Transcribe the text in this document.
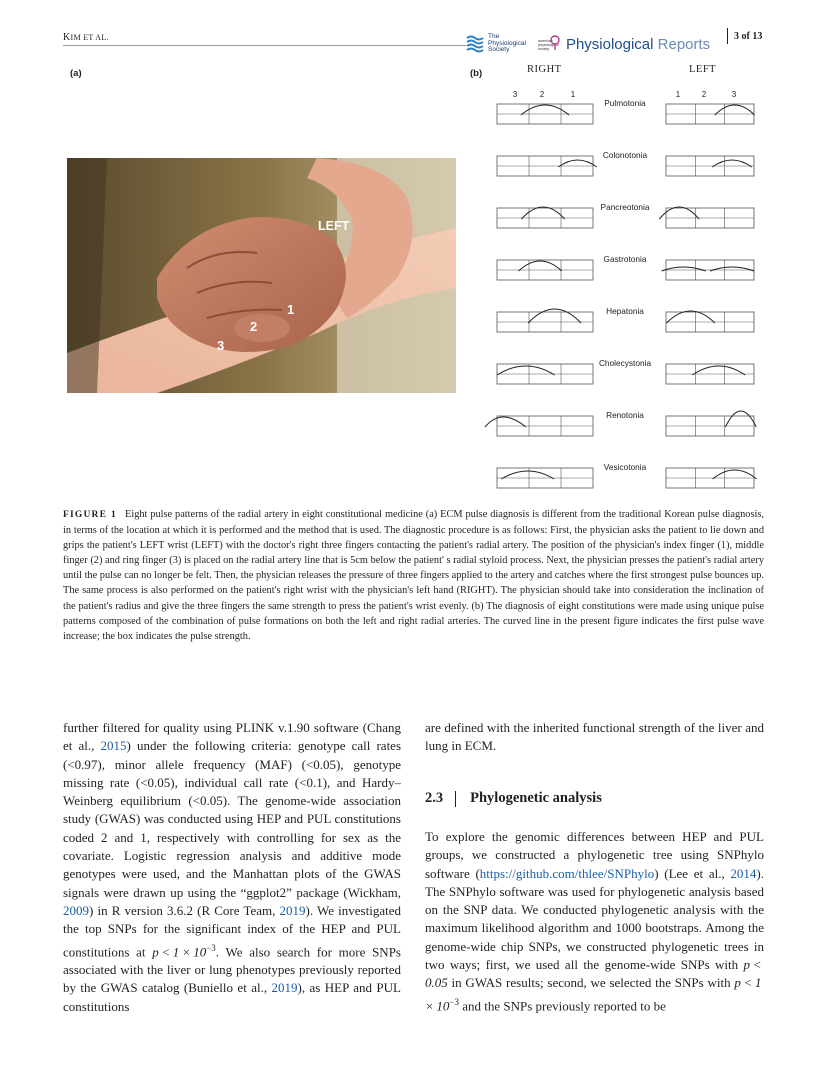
KIM ET AL.	The
Physiological
Society
american
physiological
society Physiological Reports 3 of 13
(a)
LEFT
1
2
3
(b)	RIGHT	LEFT
3	2	1	1	2	3
Pulmotonia
Colonotonia
Pancreotonia
Gastrotonia
Hepatonia
Cholecystonia
Renotonia
Vesicotonia
FIGURE 1 Eight pulse patterns of the radial artery in eight constitutional medicine (a) ECM pulse diagnosis is different from the traditional Korean pulse diagnosis, in terms of the location at which it is performed and the method that is used. The diagnostic procedure is as follows: First, the physician asks the patient to lie down and grips the patient's LEFT wrist (LEFT) with the doctor's right three fingers contacting the patient's radial artery. The position of the physician's index finger (1), middle finger (2) and ring finger (3) is placed on the radial artery line that is 5cm below the patient' s radial styloid process. Next, the physician presses the patient's radial artery until the pulse can no longer be felt. Then, the physician releases the pressure of three fingers applied to the artery and catches where the first strongest pulse bounces up. The same process is also performed on the patient's right wrist with the physician's left hand (RIGHT). The physician should take into consideration the inclination of the patient's radius and give the three fingers the same strength to press the patient's wrist evenly. (b) The diagnosis of eight constitutions were made using unique pulse patterns composed of the combination of pulse formations on both the left and right radial arteries. The curved line in the present figure indicates the first pulse wave increase; the box indicates the pulse strength.

further filtered for quality using PLINK v.1.90 software (Chang et al., 2015) under the following criteria: genotype call rates (<0.97), minor allele frequency (MAF) (<0.05), genotype missing rate (<0.05), individual call rate (<0.1), and Hardy–Weinberg equilibrium (<0.05). The genome-wide association study (GWAS) was conducted using HEP and PUL constitutions coded 2 and 1, respectively with controlling for sex as the covariate. Logistic regression analysis and additive mode genotypes were used, and the Manhattan plots of the GWAS signals were drawn up using the “ggplot2” package (Wickham, 2009) in R version 3.6.2 (R Core Team, 2019). We investigated the top SNPs for the significant index of the HEP and PUL constitutions at $p < 1 \times 10^{-3}$. We also search for more SNPs associated with the liver or lung phenotypes previously reported by the GWAS catalog (Buniello et al., 2019), as HEP and PUL constitutions

are defined with the inherited functional strength of the liver and lung in ECM.

2.3 Phylogenetic analysis

To explore the genomic differences between HEP and PUL groups, we constructed a phylogenetic tree using SNPhylo software (https://github.com/thlee/SNPhylo) (Lee et al., 2014). The SNPhylo software was used for phylogenetic analysis based on the SNP data. We conducted phylogenetic analysis with the maximum likelihood algorithm and 1000 bootstraps. Among the genome-wide chip SNPs, we constructed phylogenetic trees in two ways; first, we used all the genome-wide SNPs with p < 0.05 in GWAS results; second, we selected the SNPs with $p < 1 \times 10^{-3}$ and the SNPs previously reported to be
